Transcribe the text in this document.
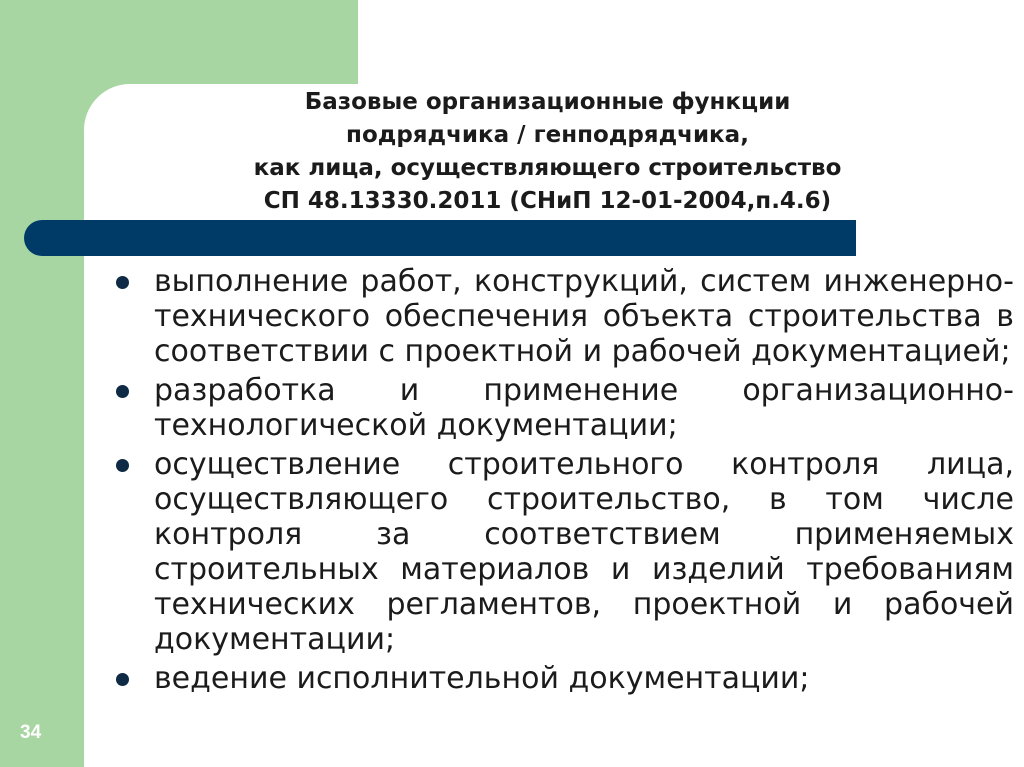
Базовые организационные функции
подрядчика / генподрядчика,
как лица, осуществляющего строительство
СП 48.13330.2011 (СНиП 12-01-2004,п.4.6)
выполнение работ, конструкций, систем инженерно-технического обеспечения объекта строительства в соответствии с проектной и рабочей документацией;
разработка и применение организационно-технологической документации;
осуществление строительного контроля лица, осуществляющего строительство, в том числе контроля за соответствием применяемых строительных материалов и изделий требованиям технических регламентов, проектной и рабочей документации;
ведение исполнительной документации;
34
